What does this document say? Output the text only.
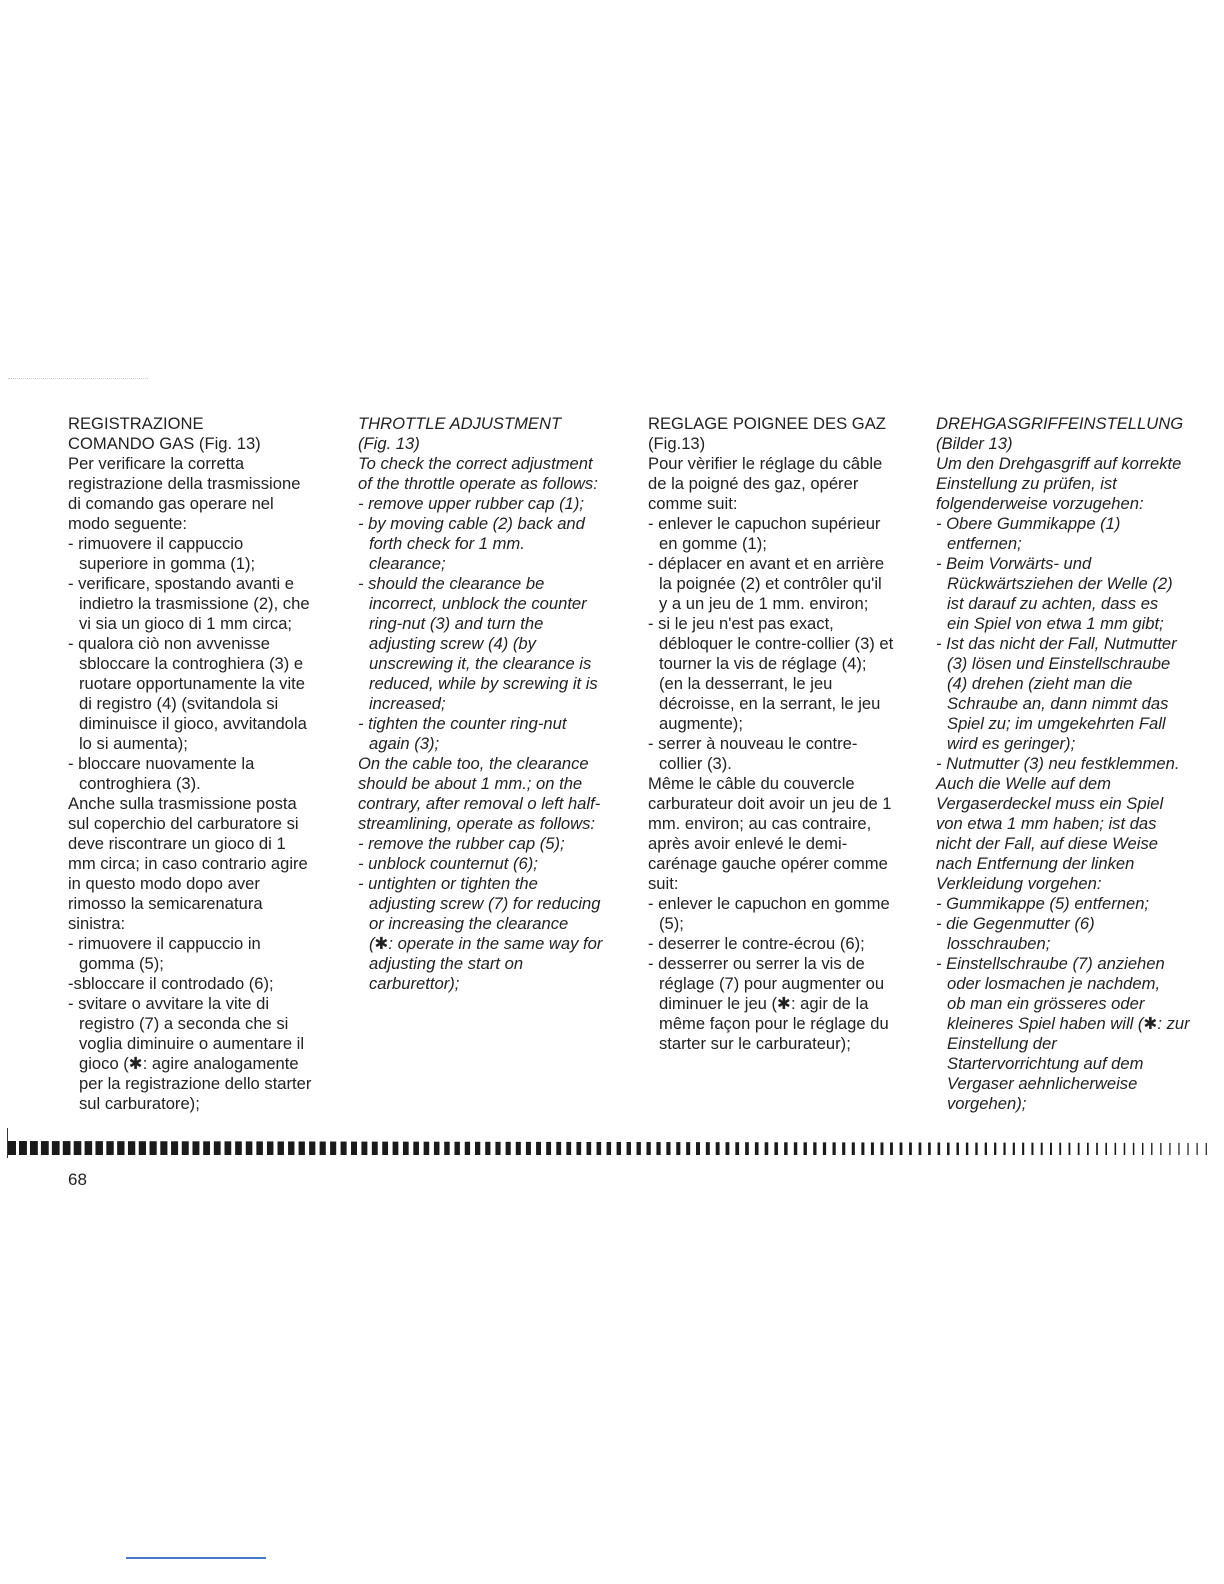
REGISTRAZIONE
COMANDO GAS (Fig. 13)
Per verificare la corretta
registrazione della trasmissione
di comando gas operare nel
modo seguente:
- rimuovere il cappuccio
superiore in gomma (1);
- verificare, spostando avanti e
indietro la trasmissione (2), che
vi sia un gioco di 1 mm circa;
- qualora ciò non avvenisse
sbloccare la controghiera (3) e
ruotare opportunamente la vite
di registro (4) (svitandola si
diminuisce il gioco, avvitandola
lo si aumenta);
- bloccare nuovamente la
controghiera (3).
Anche sulla trasmissione posta
sul coperchio del carburatore si
deve riscontrare un gioco di 1
mm circa; in caso contrario agire
in questo modo dopo aver
rimosso la semicarenatura
sinistra:
- rimuovere il cappuccio in
gomma (5);
-sbloccare il controdado (6);
- svitare o avvitare la vite di
registro (7) a seconda che si
voglia diminuire o aumentare il
gioco (✱: agire analogamente
per la registrazione dello starter
sul carburatore);
THROTTLE ADJUSTMENT
(Fig. 13)
To check the correct adjustment
of the throttle operate as follows:
- remove upper rubber cap (1);
- by moving cable (2) back and
forth check for 1 mm.
clearance;
- should the clearance be
incorrect, unblock the counter
ring-nut (3) and turn the
adjusting screw (4) (by
unscrewing it, the clearance is
reduced, while by screwing it is
increased;
- tighten the counter ring-nut
again (3);
On the cable too, the clearance
should be about 1 mm.; on the
contrary, after removal o left half-
streamlining, operate as follows:
- remove the rubber cap (5);
- unblock counternut (6);
- untighten or tighten the
adjusting screw (7) for reducing
or increasing the clearance
(✱: operate in the same way for
adjusting the start on
carburettor);
REGLAGE POIGNEE DES GAZ
(Fig.13)
Pour vèrifier le réglage du câble
de la poigné des gaz, opérer
comme suit:
- enlever le capuchon supérieur
en gomme (1);
- déplacer en avant et en arrière
la poignée (2) et contrôler qu'il
y a un jeu de 1 mm. environ;
- si le jeu n'est pas exact,
débloquer le contre-collier (3) et
tourner la vis de réglage (4);
(en la desserrant, le jeu
décroisse, en la serrant, le jeu
augmente);
- serrer à nouveau le contre-
collier (3).
Même le câble du couvercle
carburateur doit avoir un jeu de 1
mm. environ; au cas contraire,
après avoir enlevé le demi-
carénage gauche opérer comme
suit:
- enlever le capuchon en gomme
(5);
- deserrer le contre-écrou (6);
- desserrer ou serrer la vis de
réglage (7) pour augmenter ou
diminuer le jeu (✱: agir de la
même façon pour le réglage du
starter sur le carburateur);
DREHGASGRIFFEINSTELLUNG
(Bilder 13)
Um den Drehgasgriff auf korrekte
Einstellung zu prüfen, ist
folgenderweise vorzugehen:
- Obere Gummikappe (1)
entfernen;
- Beim Vorwärts- und
Rückwärtsziehen der Welle (2)
ist darauf zu achten, dass es
ein Spiel von etwa 1 mm gibt;
- Ist das nicht der Fall, Nutmutter
(3) lösen und Einstellschraube
(4) drehen (zieht man die
Schraube an, dann nimmt das
Spiel zu; im umgekehrten Fall
wird es geringer);
- Nutmutter (3) neu festklemmen.
Auch die Welle auf dem
Vergaserdeckel muss ein Spiel
von etwa 1 mm haben; ist das
nicht der Fall, auf diese Weise
nach Entfernung der linken
Verkleidung vorgehen:
- Gummikappe (5) entfernen;
- die Gegenmutter (6)
losschrauben;
- Einstellschraube (7) anziehen
oder losmachen je nachdem,
ob man ein grösseres oder
kleineres Spiel haben will (✱: zur
Einstellung der
Startervorrichtung auf dem
Vergaser aehnlicherweise
vorgehen);
68
